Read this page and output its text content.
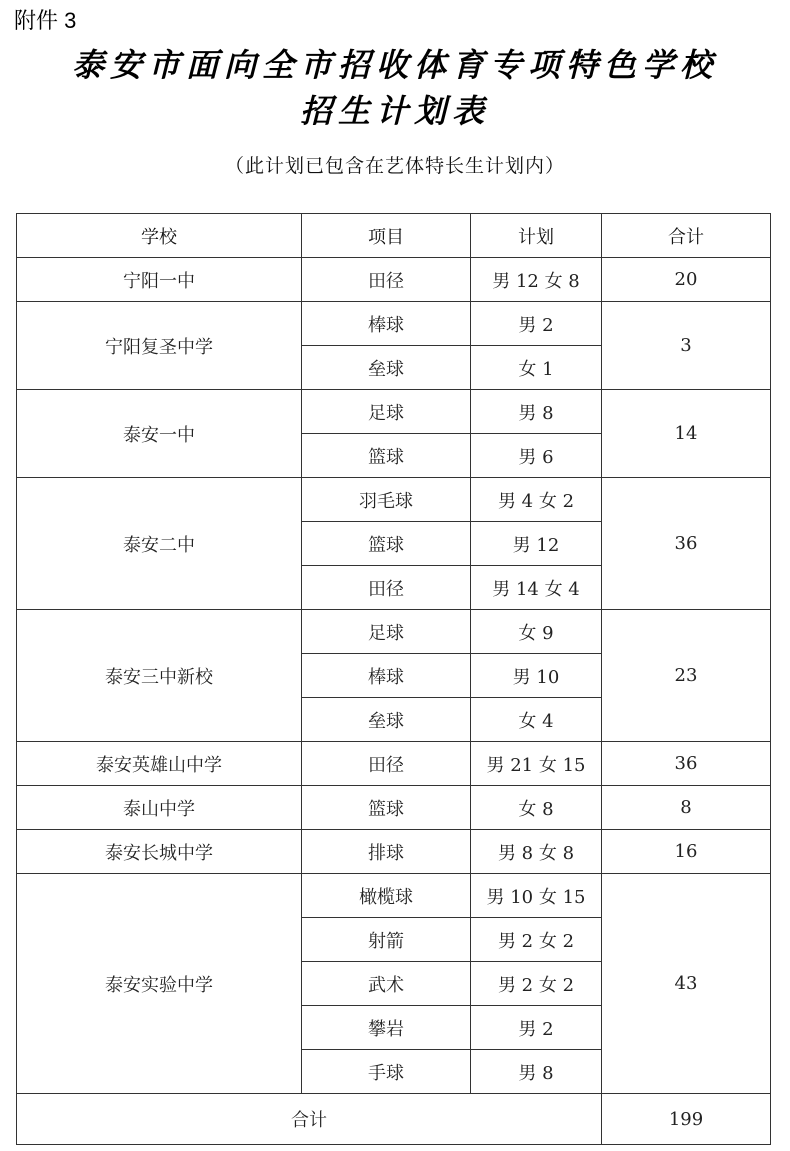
附件 3
泰安市面向全市招收体育专项特色学校
招生计划表
（此计划已包含在艺体特长生计划内）
学校	项目	计划	合计
宁阳一中	田径	男 12 女 8	20
宁阳复圣中学	棒球	男 2	3
	垒球	女 1	
泰安一中	足球	男 8	14
	篮球	男 6	
泰安二中	羽毛球	男 4 女 2	36
	篮球	男 12	
	田径	男 14 女 4	
泰安三中新校	足球	女 9	23
	棒球	男 10	
	垒球	女 4	
泰安英雄山中学	田径	男 21 女 15	36
泰山中学	篮球	女 8	8
泰安长城中学	排球	男 8 女 8	16
泰安实验中学	橄榄球	男 10 女 15	43
	射箭	男 2 女 2	
	武术	男 2 女 2	
	攀岩	男 2	
	手球	男 8	
合计			199
